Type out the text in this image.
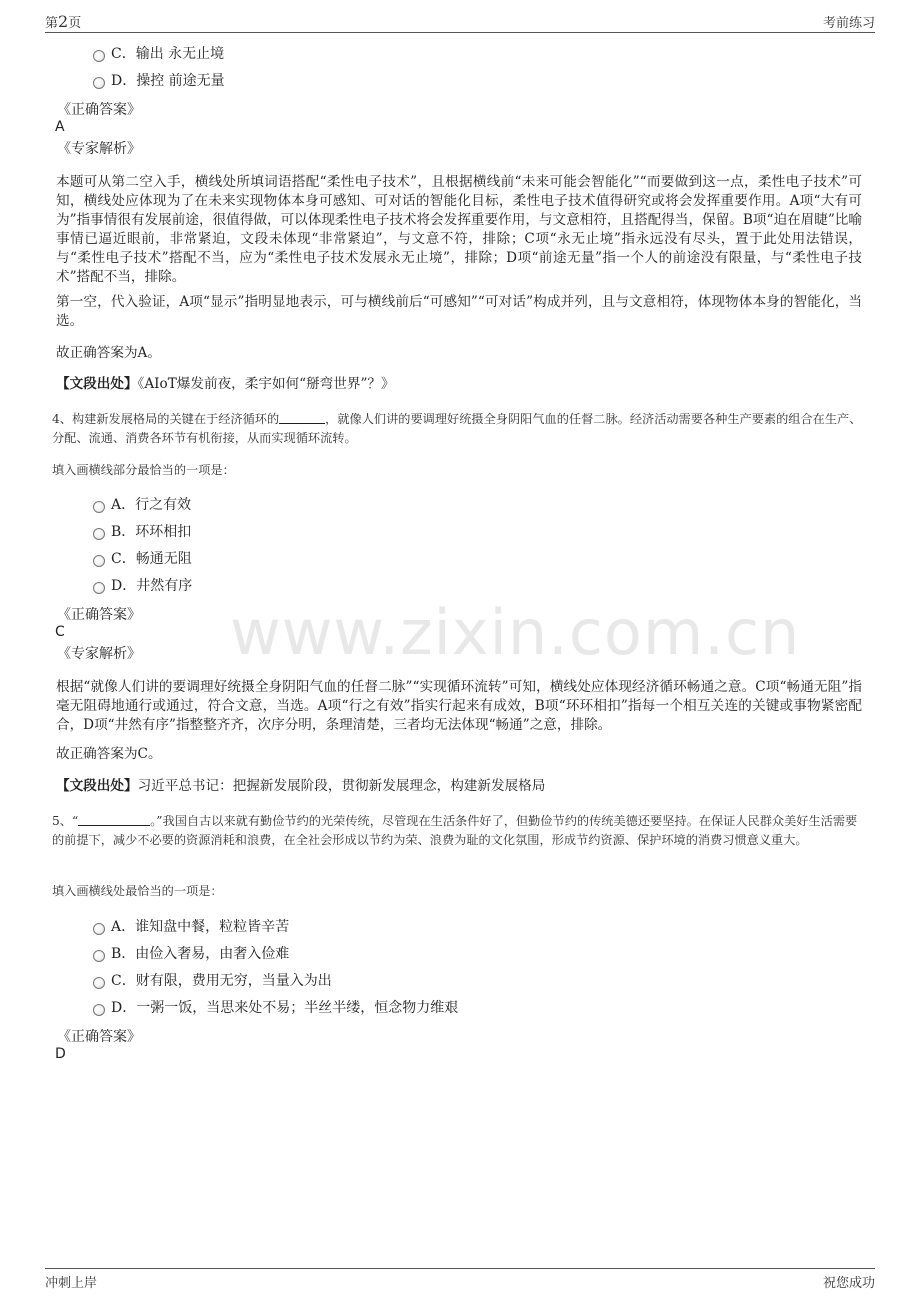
第2页	考前练习
www.zixin.com.cn
C．输出 永无止境
D．操控 前途无量
《正确答案》
A
《专家解析》
本题可从第二空入手，横线处所填词语搭配“柔性电子技术”，且根据横线前“未来可能会智能化”“而要做到这一点，柔性电子技术”可知，横线处应体现为了在未来实现物体本身可感知、可对话的智能化目标，柔性电子技术值得研究或将会发挥重要作用。A项“大有可为”指事情很有发展前途，很值得做，可以体现柔性电子技术将会发挥重要作用，与文意相符，且搭配得当，保留。B项“迫在眉睫”比喻事情已逼近眼前，非常紧迫，文段未体现“非常紧迫”，与文意不符，排除；C项“永无止境”指永远没有尽头，置于此处用法错误，与“柔性电子技术”搭配不当，应为“柔性电子技术发展永无止境”，排除；D项“前途无量”指一个人的前途没有限量，与“柔性电子技术”搭配不当，排除。
第一空，代入验证，A项“显示”指明显地表示，可与横线前后“可感知”“可对话”构成并列，且与文意相符，体现物体本身的智能化，当选。
故正确答案为A。
【文段出处】《AIoT爆发前夜，柔宇如何“掰弯世界”？》
4、构建新发展格局的关键在于经济循环的	，就像人们讲的要调理好统摄全身阴阳气血的任督二脉。经济活动需要各种生产要素的组合在生产、分配、流通、消费各环节有机衔接，从而实现循环流转。
填入画横线部分最恰当的一项是：
A．行之有效
B．环环相扣
C．畅通无阻
D．井然有序
《正确答案》
C
《专家解析》
根据“就像人们讲的要调理好统摄全身阴阳气血的任督二脉”“实现循环流转”可知，横线处应体现经济循环畅通之意。C项“畅通无阻”指毫无阻碍地通行或通过，符合文意，当选。A项“行之有效”指实行起来有成效，B项“环环相扣”指每一个相互关连的关键或事物紧密配合，D项“井然有序”指整整齐齐，次序分明，条理清楚，三者均无法体现“畅通”之意，排除。
故正确答案为C。
【文段出处】习近平总书记：把握新发展阶段，贯彻新发展理念，构建新发展格局
5、“	。”我国自古以来就有勤俭节约的光荣传统，尽管现在生活条件好了，但勤俭节约的传统美德还要坚持。在保证人民群众美好生活需要的前提下，减少不必要的资源消耗和浪费，在全社会形成以节约为荣、浪费为耻的文化氛围，形成节约资源、保护环境的消费习惯意义重大。
填入画横线处最恰当的一项是：
A．谁知盘中餐，粒粒皆辛苦
B．由俭入奢易，由奢入俭难
C．财有限，费用无穷，当量入为出
D．一粥一饭，当思来处不易；半丝半缕，恒念物力维艰
《正确答案》
D
冲刺上岸	祝您成功
